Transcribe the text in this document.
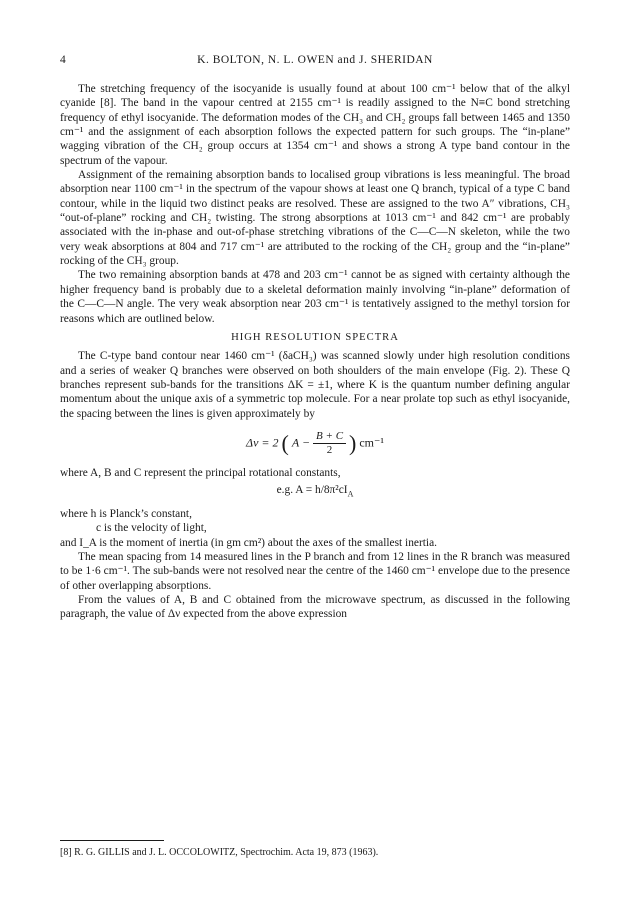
4	K. BOLTON, N. L. OWEN and J. SHERIDAN

The stretching frequency of the isocyanide is usually found at about 100 cm⁻¹ below that of the alkyl cyanide [8]. The band in the vapour centred at 2155 cm⁻¹ is readily assigned to the N≡C bond stretching frequency of ethyl isocyanide. The deformation modes of the CH₃ and CH₂ groups fall between 1465 and 1350 cm⁻¹ and the assignment of each absorption follows the expected pattern for such groups. The “in-plane” wagging vibration of the CH₂ group occurs at 1354 cm⁻¹ and shows a strong A type band contour in the spectrum of the vapour.

Assignment of the remaining absorption bands to localised group vibrations is less meaningful. The broad absorption near 1100 cm⁻¹ in the spectrum of the vapour shows at least one Q branch, typical of a type C band contour, while in the liquid two distinct peaks are resolved. These are assigned to the two A″ vibrations, CH₃ “out-of-plane” rocking and CH₂ twisting. The strong absorptions at 1013 cm⁻¹ and 842 cm⁻¹ are probably associated with the in-phase and out-of-phase stretching vibrations of the C—C—N skeleton, while the two very weak absorptions at 804 and 717 cm⁻¹ are attributed to the rocking of the CH₂ group and the “in-plane” rocking of the CH₃ group.

The two remaining absorption bands at 478 and 203 cm⁻¹ cannot be as signed with certainty although the higher frequency band is probably due to a skeletal deformation mainly involving “in-plane” deformation of the C—C—N angle. The very weak absorption near 203 cm⁻¹ is tentatively assigned to the methyl torsion for reasons which are outlined below.

HIGH RESOLUTION SPECTRA

The C-type band contour near 1460 cm⁻¹ (δaCH₃) was scanned slowly under high resolution conditions and a series of weaker Q branches were observed on both shoulders of the main envelope (Fig. 2). These Q branches represent sub-bands for the transitions ΔK = ±1, where K is the quantum number defining angular momentum about the unique axis of a symmetric top molecule. For a near prolate top such as ethyl isocyanide, the spacing between the lines is given approximately by

Δν = 2 ( $A - \frac{B + C}{2}$ ) cm⁻¹
where A, B and C represent the principal rotational constants,
e.g. $A = h/8\pi^2cI_A$
where h is Planck’s constant,
c is the velocity of light,
and I_A is the moment of inertia (in gm cm²) about the axes of the smallest inertia.

The mean spacing from 14 measured lines in the P branch and from 12 lines in the R branch was measured to be 1·6 cm⁻¹. The sub-bands were not resolved near the centre of the 1460 cm⁻¹ envelope due to the presence of other overlapping absorptions.

From the values of A, B and C obtained from the microwave spectrum, as discussed in the following paragraph, the value of Δν expected from the above expression

[8] R. G. GILLIS and J. L. OCCOLOWITZ, Spectrochim. Acta 19, 873 (1963).
